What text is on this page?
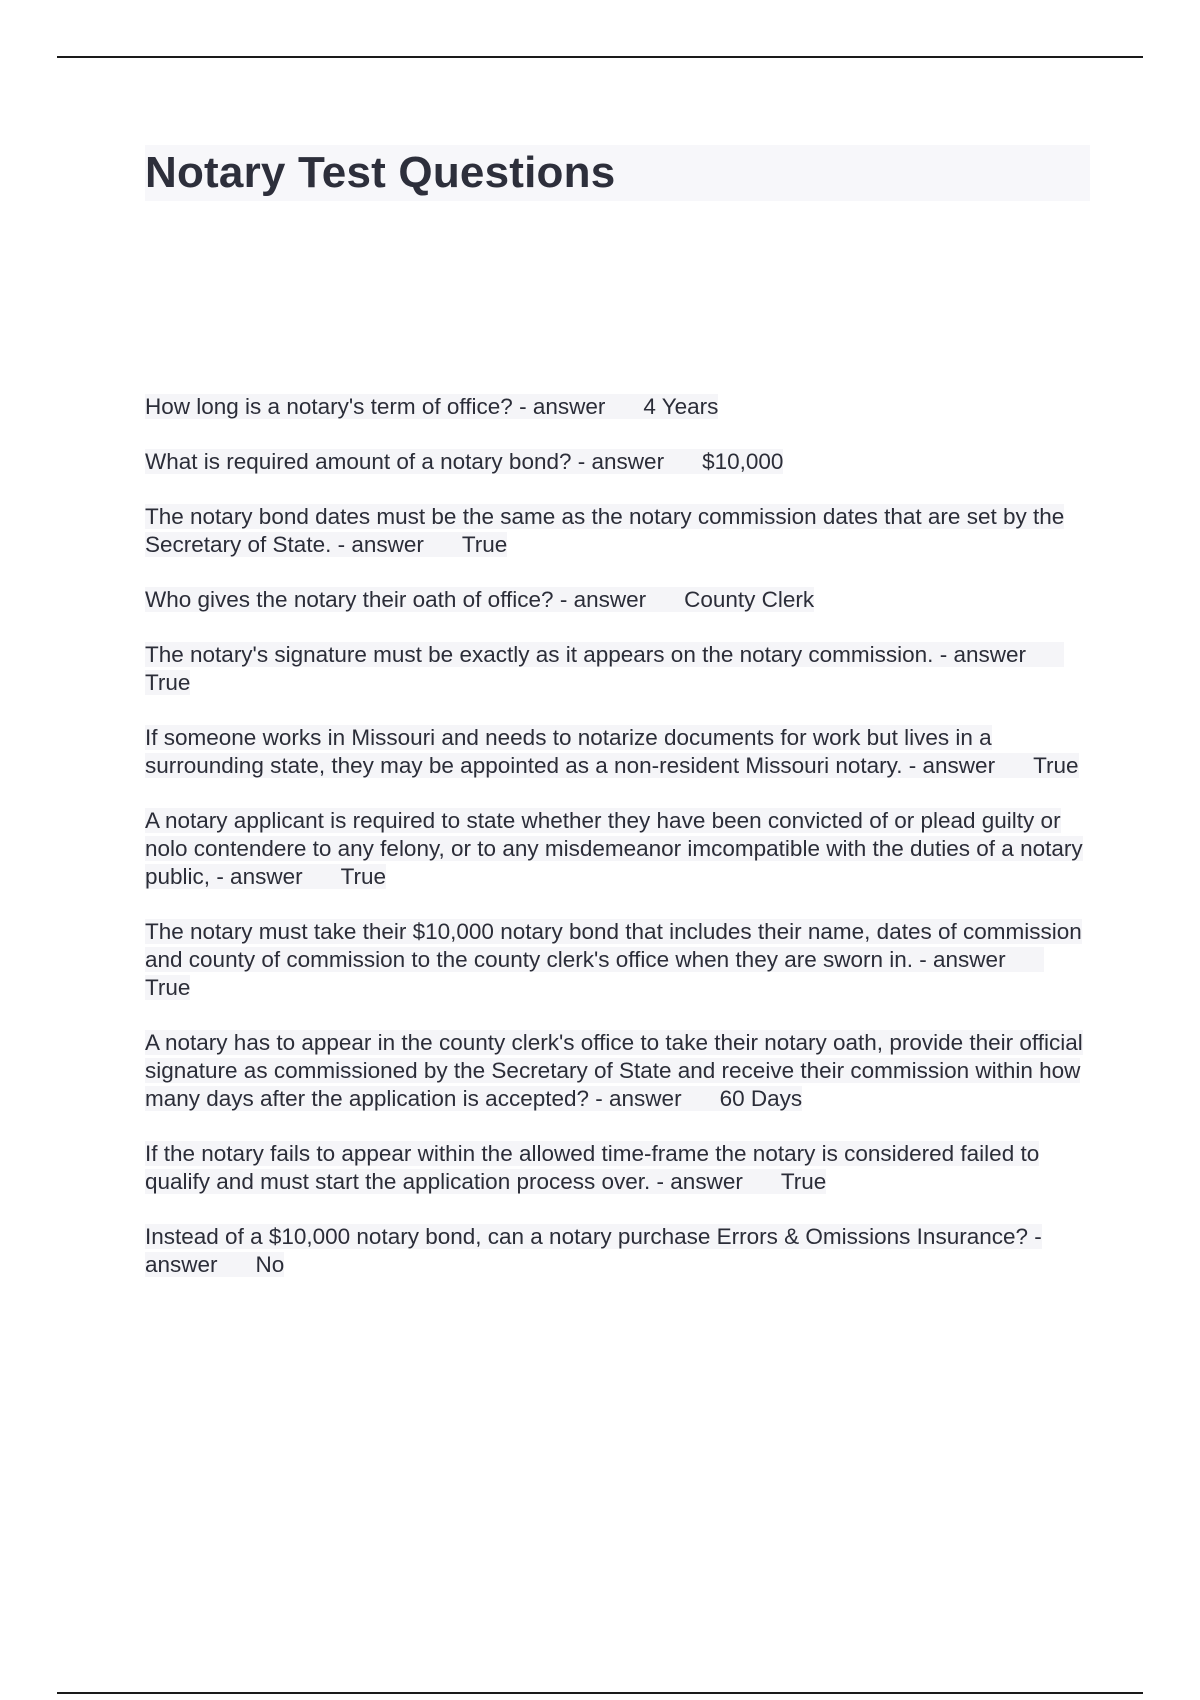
Notary Test Questions

How long is a notary's term of office? - answer 4 Years

What is required amount of a notary bond? - answer $10,000

The notary bond dates must be the same as the notary commission dates that are set by the Secretary of State. - answer True

Who gives the notary their oath of office? - answer County Clerk

The notary's signature must be exactly as it appears on the notary commission. - answerTrue

If someone works in Missouri and needs to notarize documents for work but lives in a surrounding state, they may be appointed as a non-resident Missouri notary. - answer True

A notary applicant is required to state whether they have been convicted of or plead guilty or nolo contendere to any felony, or to any misdemeanor imcompatible with the duties of a notary public, - answer True

The notary must take their $10,000 notary bond that includes their name, dates of commission and county of commission to the county clerk's office when they are sworn in. - answerTrue

A notary has to appear in the county clerk's office to take their notary oath, provide their official signature as commissioned by the Secretary of State and receive their commission within how many days after the application is accepted? - answer 60 Days

If the notary fails to appear within the allowed time-frame the notary is considered failed to qualify and must start the application process over. - answer True

Instead of a $10,000 notary bond, can a notary purchase Errors & Omissions Insurance? - answer No
